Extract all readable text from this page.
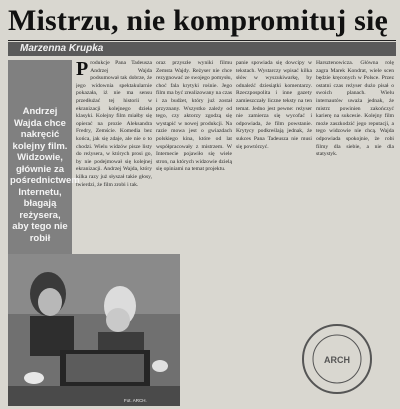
Mistrzu, nie kompromituj się
Marzenna Krupka
Andrzej Wajda chce nakręcić kolejny film. Widzowie, głównie za pośrednictwem Internetu, błagają reżysera, aby tego nie robił

Produkcje Pana Tadeusza Andrzej Wajda podsumował tak dobrze, że jego widownia spektakularnie pokazała, iż nie ma sensu przedłużać tej historii w ekranizacji kolejnego dzieła klasyki. Kolejny film miałby się opierać na prozie Aleksandra Fredry, Zemście. Komedia bez końca, jak się zdaje, ale nie o to chodzi. Wielu widzów pisze listy do reżysera, w których prosi go, by nie podejmował się kolejnej ekranizacji. Andrzej Wajda, który kilka razy już słyszał takie głosy, twierdzi, że film zrobi i tak.

oraz przyszłe wyniki filmu Zemsta Wajdy. Reżyser nie chce rezygnować ze swojego pomysłu, choć fala krytyki rośnie. Jego film ma być zrealizowany na czas i za budżet, który już został przyznany. Wszystko zależy od tego, czy aktorzy zgodzą się wystąpić w nowej produkcji. Na razie mowa jest o gwiazdach polskiego kina, które od lat współpracowały z mistrzem. W Internecie pojawiło się wiele stron, na których widzowie dzielą się opiniami na temat projektu.

panie spowiada się dowcipy w tekstach. Wystarczy wpisać kilka słów w wyszukiwarkę, by odnaleźć dziesiątki komentarzy. Rzeczpospolita i inne gazety zamieszczały liczne teksty na ten temat. Jedno jest pewne: reżyser nie zamierza się wycofać i odpowiada, że film powstanie. Krytycy podkreślają jednak, że sukces Pana Tadeusza nie musi się powtórzyć.

Harsztenowicza. Główna rolę zagra Marek Kondrat, wiele scen będzie kręconych w Polsce. Przez ostatni czas reżyser dużo pisał o swoich planach. Wielu internautów uważa jednak, że mistrz powinien zakończyć karierę na sukcesie. Kolejny film może zaszkodzić jego reputacji, a tego widzowie nie chcą. Wajda odpowiada spokojnie, że robi filmy dla siebie, a nie dla statystyk.

Fot. ARCH.
ARCH
